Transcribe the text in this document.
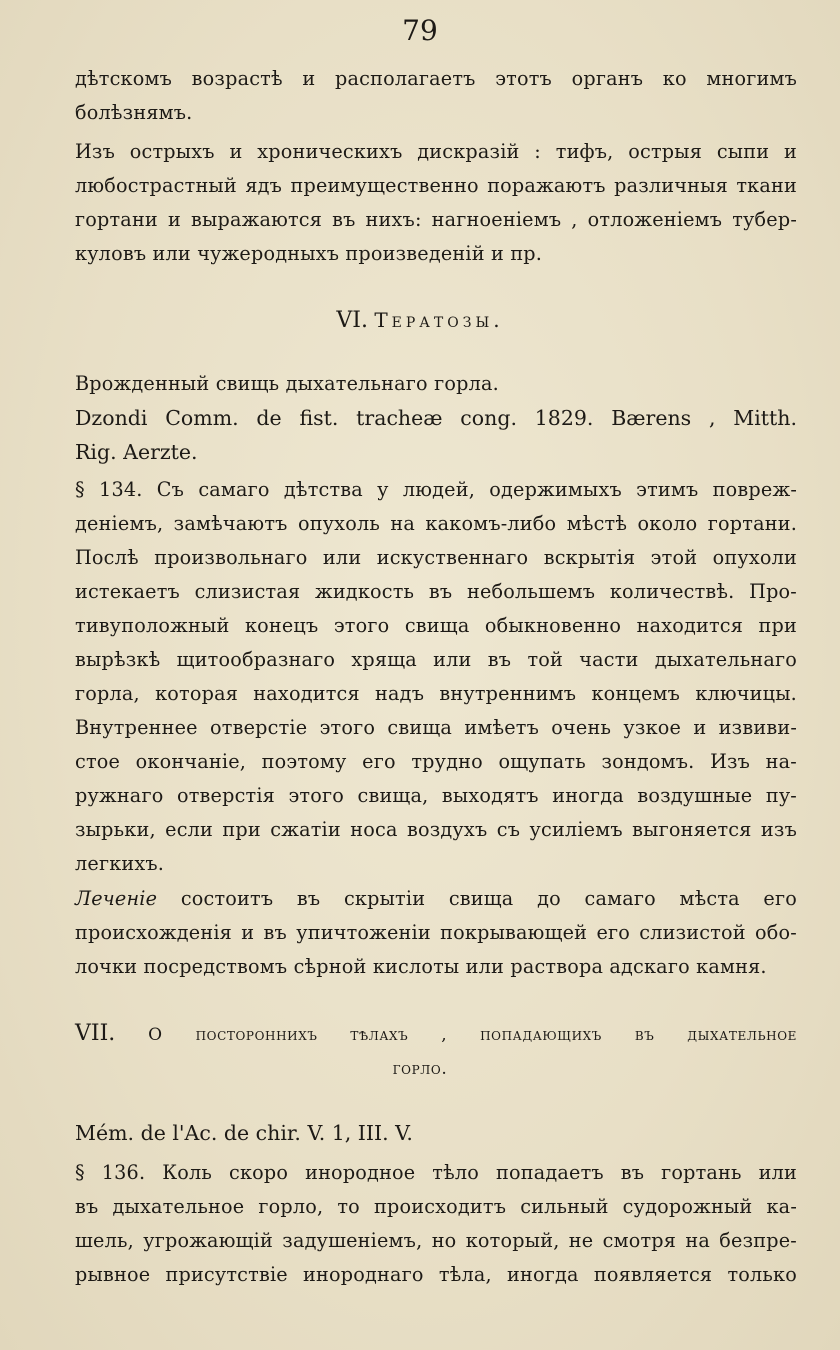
79
дѣтскомъ возрастѣ и располагаетъ этотъ органъ ко многимъ
болѣзнямъ.
Изъ острыхъ и хроническихъ дискразій : тифъ, острыя сыпи и
любострастный ядъ преимущественно поражаютъ различныя ткани
гортани и выражаются въ нихъ: нагноеніемъ , отложеніемъ тубер-
куловъ или чужеродныхъ произведеній и пр.
VI. Тератозы.
Врожденный свищь дыхательнаго горла.
Dzondi Comm. de fist. tracheæ cong. 1829. Bærens , Mitth.
Rig. Aerzte.
§ 134. Съ самаго дѣтства у людей, одержимыхъ этимъ повреж-
деніемъ, замѣчаютъ опухоль на какомъ-либо мѣстѣ около гортани.
Послѣ произвольнаго или искуственнаго вскрытія этой опухоли
истекаетъ слизистая жидкость въ небольшемъ количествѣ. Про-
тивуположный конецъ этого свища обыкновенно находится при
вырѣзкѣ щитообразнаго хряща или въ той части дыхательнаго
горла, которая находится надъ внутреннимъ концемъ ключицы.
Внутреннее отверстіе этого свища имѣетъ очень узкое и извиви-
стое окончаніе, поэтому его трудно ощупать зондомъ. Изъ на-
ружнаго отверстія этого свища, выходятъ иногда воздушные пу-
зырьки, если при сжатіи носа воздухъ съ усиліемъ выгоняется изъ
легкихъ.
Леченіе состоитъ въ скрытіи свища до самаго мѣста его
происхожденія и въ упичтоженіи покрывающей его слизистой обо-
лочки посредствомъ сѣрной кислоты или раствора адскаго камня.
VII. О постороннихъ тѣлахъ , попадающихъ въ дыхательное
горло.
Mém. de l'Ac. de chir. V. 1, III. V.
§ 136. Коль скоро инородное тѣло попадаетъ въ гортань или
въ дыхательное горло, то происходитъ сильный судорожный ка-
шель, угрожающій задушеніемъ, но который, не смотря на безпре-
рывное присутствіе инороднаго тѣла, иногда появляется только
